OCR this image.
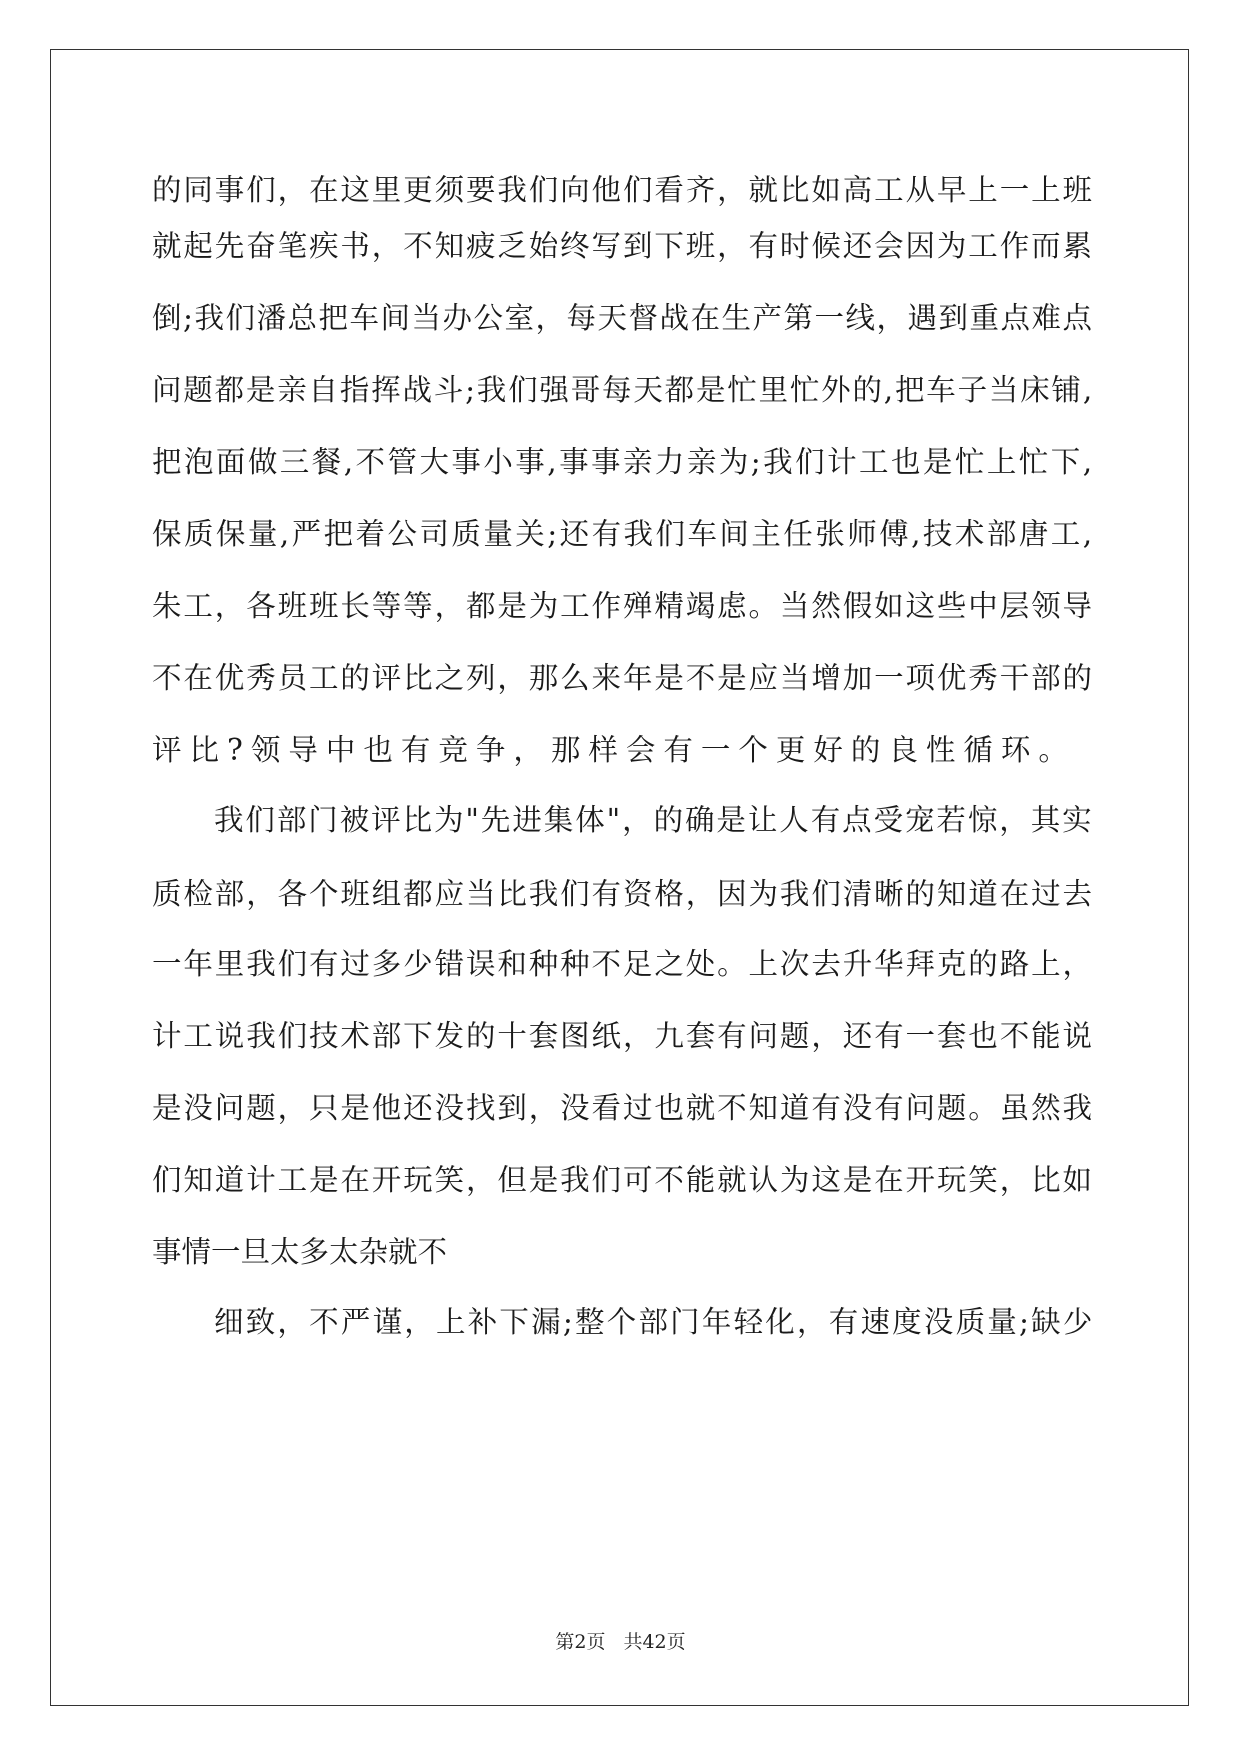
的同事们，在这里更须要我们向他们看齐，就比如高工从早上一上班
就起先奋笔疾书，不知疲乏始终写到下班，有时候还会因为工作而累
倒;我们潘总把车间当办公室，每天督战在生产第一线，遇到重点难点
问题都是亲自指挥战斗;我们强哥每天都是忙里忙外的,把车子当床铺,
把泡面做三餐,不管大事小事,事事亲力亲为;我们计工也是忙上忙下,
保质保量,严把着公司质量关;还有我们车间主任张师傅,技术部唐工,
朱工，各班班长等等，都是为工作殚精竭虑。当然假如这些中层领导
不在优秀员工的评比之列，那么来年是不是应当增加一项优秀干部的
评比?领导中也有竞争，那样会有一个更好的良性循环。
我们部门被评比为"先进集体"，的确是让人有点受宠若惊，其实
质检部，各个班组都应当比我们有资格，因为我们清晰的知道在过去
一年里我们有过多少错误和种种不足之处。上次去升华拜克的路上，
计工说我们技术部下发的十套图纸，九套有问题，还有一套也不能说
是没问题，只是他还没找到，没看过也就不知道有没有问题。虽然我
们知道计工是在开玩笑，但是我们可不能就认为这是在开玩笑，比如
事情一旦太多太杂就不
细致，不严谨，上补下漏;整个部门年轻化，有速度没质量;缺少
第2页 共42页
